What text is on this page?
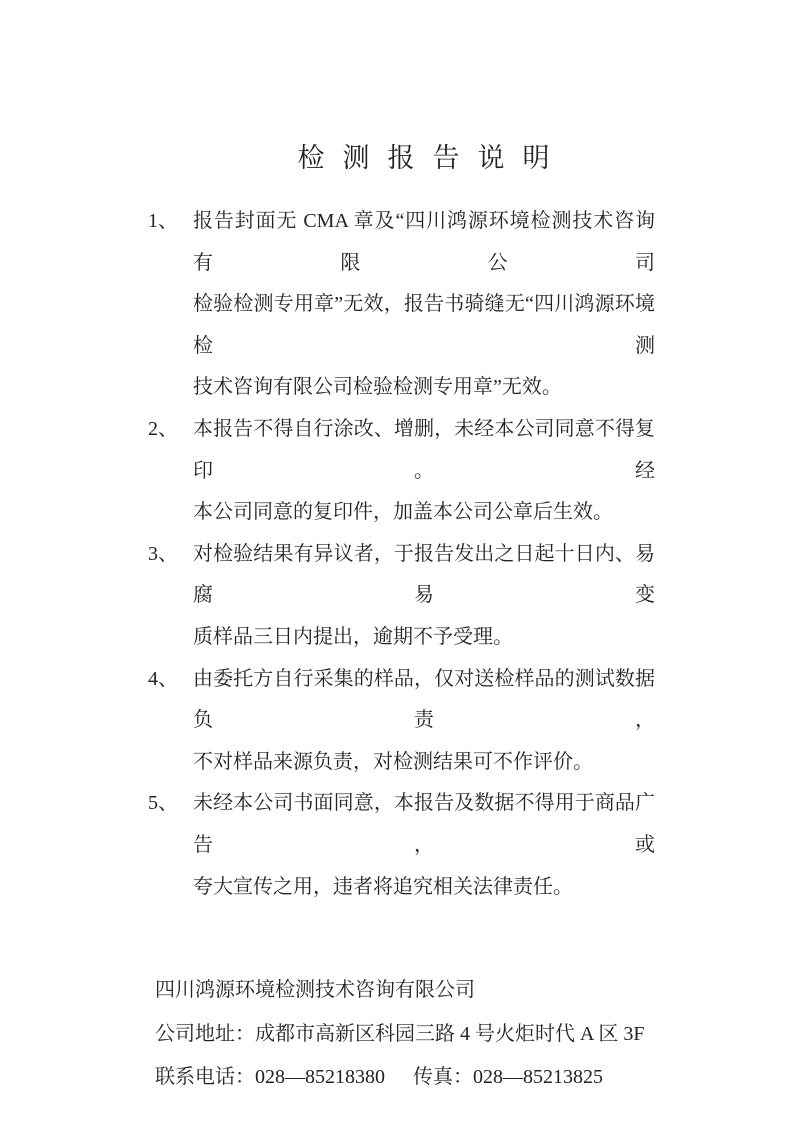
检测报告说明
1、 报告封面无 CMA 章及“四川鸿源环境检测技术咨询有限公司
检验检测专用章”无效，报告书骑缝无“四川鸿源环境检测
技术咨询有限公司检验检测专用章”无效。
2、 本报告不得自行涂改、增删，未经本公司同意不得复印。经
本公司同意的复印件，加盖本公司公章后生效。
3、 对检验结果有异议者，于报告发出之日起十日内、易腐易变
质样品三日内提出，逾期不予受理。
4、 由委托方自行采集的样品，仅对送检样品的测试数据负责，
不对样品来源负责，对检测结果可不作评价。
5、 未经本公司书面同意，本报告及数据不得用于商品广告，或
夸大宣传之用，违者将追究相关法律责任。
四川鸿源环境检测技术咨询有限公司
公司地址：成都市高新区科园三路 4 号火炬时代 A 区 3F
联系电话：028—85218380 传真：028—85213825
